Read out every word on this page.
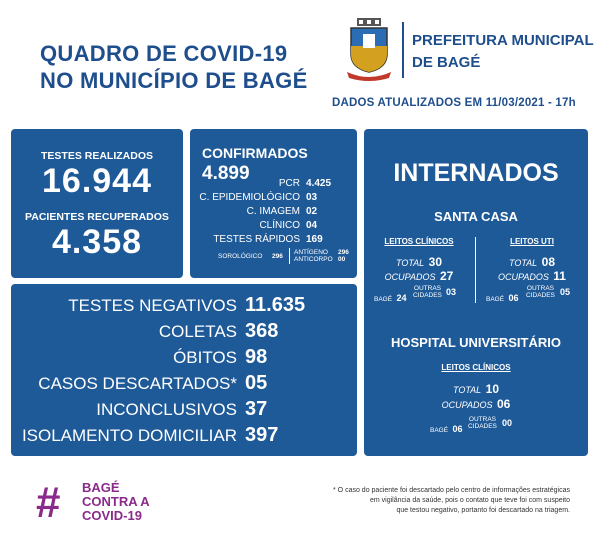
QUADRO DE COVID-19
NO MUNICÍPIO DE BAGÉ
PREFEITURA MUNICIPAL
DE BAGÉ
DADOS ATUALIZADOS EM 11/03/2021 - 17h
TESTES REALIZADOS
16.944
PACIENTES RECUPERADOS
4.358
CONFIRMADOS 4.899	PCR 4.425
C. EPIDEMIOLÓGICO 03
C. IMAGEM 02
CLÍNICO 04
TESTES RÁPIDOS 169
SOROLÓGICO 296
ANTÍGENO
ANTICORPO
296
00
TESTES NEGATIVOS 11.635
COLETAS 368
ÓBITOS 98
CASOS DESCARTADOS* 05
INCONCLUSIVOS 37
ISOLAMENTO DOMICILIAR 397
INTERNADOS
SANTA CASA
LEITOS CLÍNICOS
TOTAL 30
OCUPADOS 27
BAGÉ 24
OUTRAS
CIDADES 03
LEITOS UTI
TOTAL 08
OCUPADOS 11
BAGÉ 06
OUTRAS
CIDADES 05
HOSPITAL UNIVERSITÁRIO
LEITOS CLÍNICOS
TOTAL 10
OCUPADOS 06
BAGÉ 06
OUTRAS
CIDADES 00
#	BAGÉ
CONTRA A
COVID-19
* O caso do paciente foi descartado pelo centro de informações estratégicas
em vigilância da saúde, pois o contato que teve foi com suspeito
que testou negativo, portanto foi descartado na triagem.
